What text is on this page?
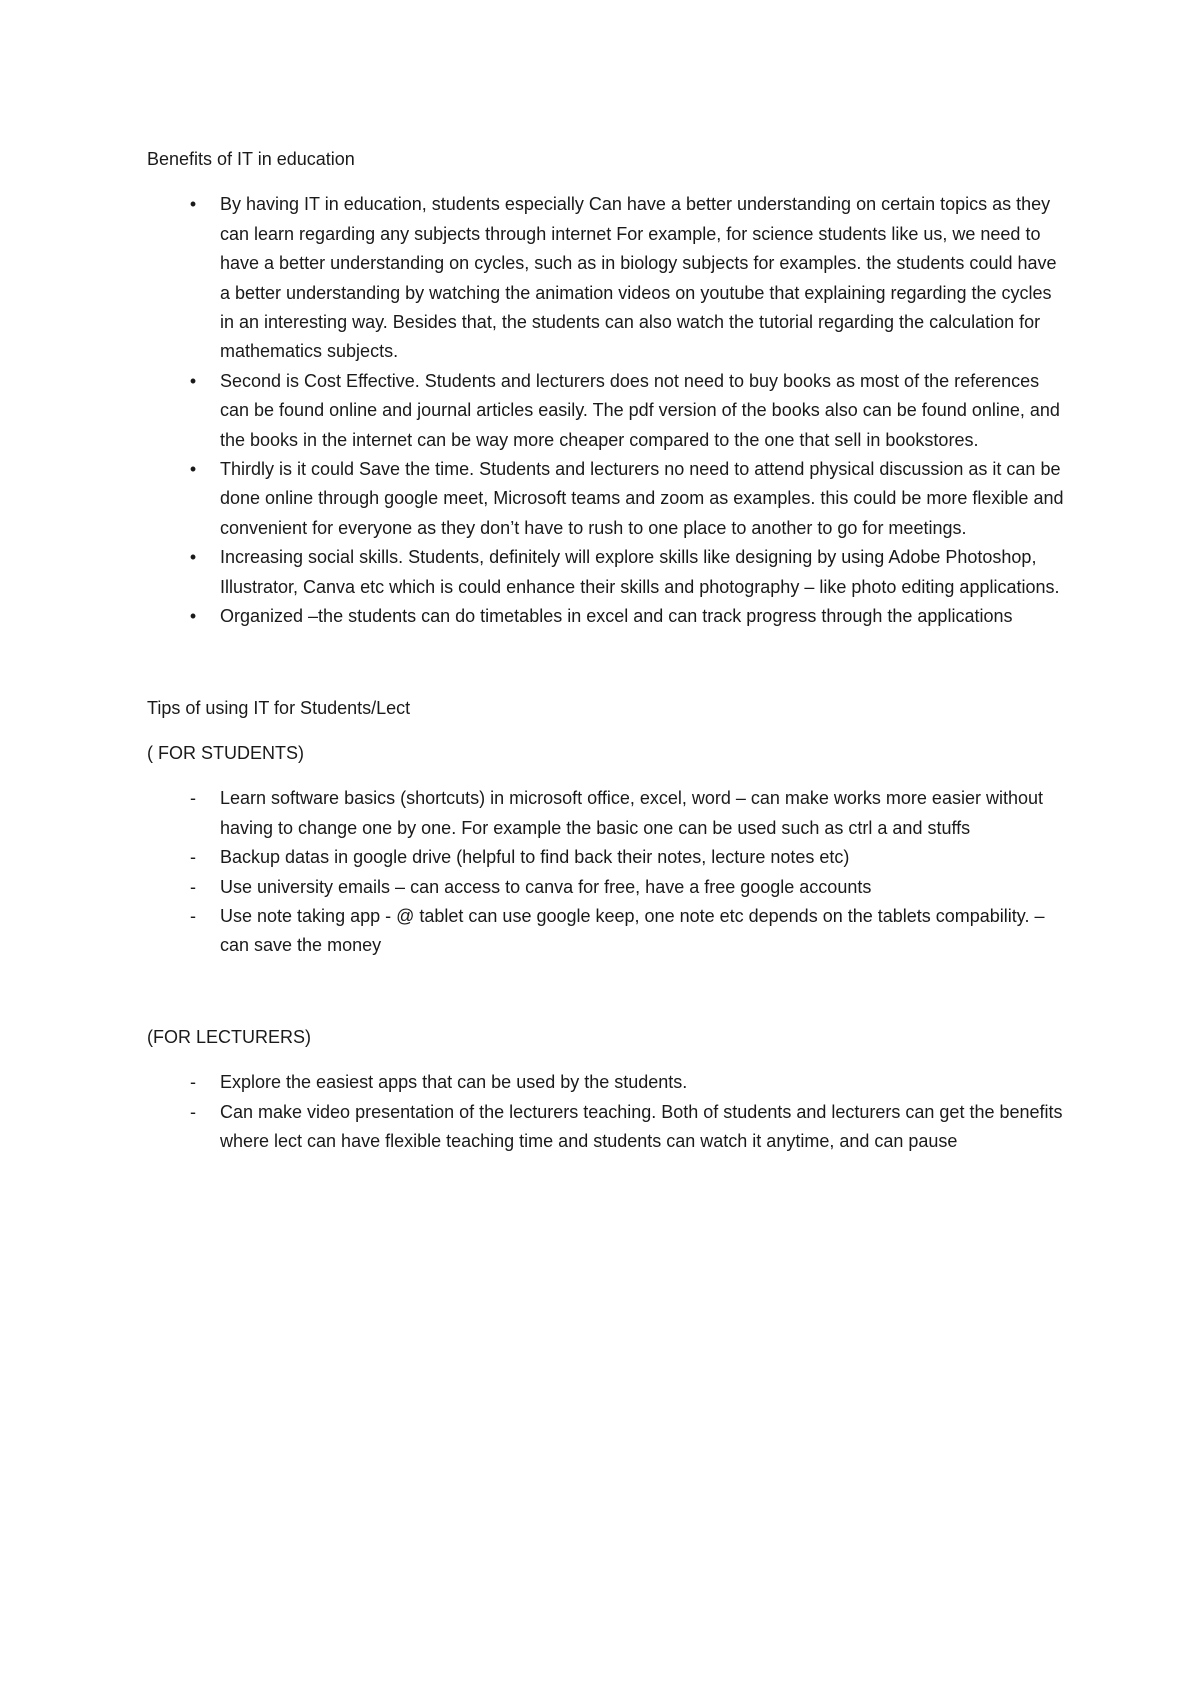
Benefits of IT in education

•	By having IT in education, students especially Can have a better understanding on certain topics as they can learn regarding any subjects through internet For example, for science students like us, we need to have a better understanding on cycles, such as in biology subjects for examples. the students could have a better understanding by watching the animation videos on youtube that explaining regarding the cycles in an interesting way. Besides that, the students can also watch the tutorial regarding the calculation for mathematics subjects.
•	Second is Cost Effective. Students and lecturers does not need to buy books as most of the references can be found online and journal articles easily. The pdf version of the books also can be found online, and the books in the internet can be way more cheaper compared to the one that sell in bookstores.
•	Thirdly is it could Save the time. Students and lecturers no need to attend physical discussion as it can be done online through google meet, Microsoft teams and zoom as examples. this could be more flexible and convenient for everyone as they don’t have to rush to one place to another to go for meetings.
•	Increasing social skills. Students, definitely will explore skills like designing by using Adobe Photoshop, Illustrator, Canva etc which is could enhance their skills and photography – like photo editing applications.
•	Organized –the students can do timetables in excel and can track progress through the applications

Tips of using IT for Students/Lect

( FOR STUDENTS)

-	Learn software basics (shortcuts) in microsoft office, excel, word – can make works more easier without having to change one by one. For example the basic one can be used such as ctrl a and stuffs
-	Backup datas in google drive (helpful to find back their notes, lecture notes etc)
-	Use university emails – can access to canva for free, have a free google accounts
-	Use note taking app - @ tablet can use google keep, one note etc depends on the tablets compability. – can save the money

(FOR LECTURERS)

-	Explore the easiest apps that can be used by the students.
-	Can make video presentation of the lecturers teaching. Both of students and lecturers can get the benefits where lect can have flexible teaching time and students can watch it anytime, and can pause
